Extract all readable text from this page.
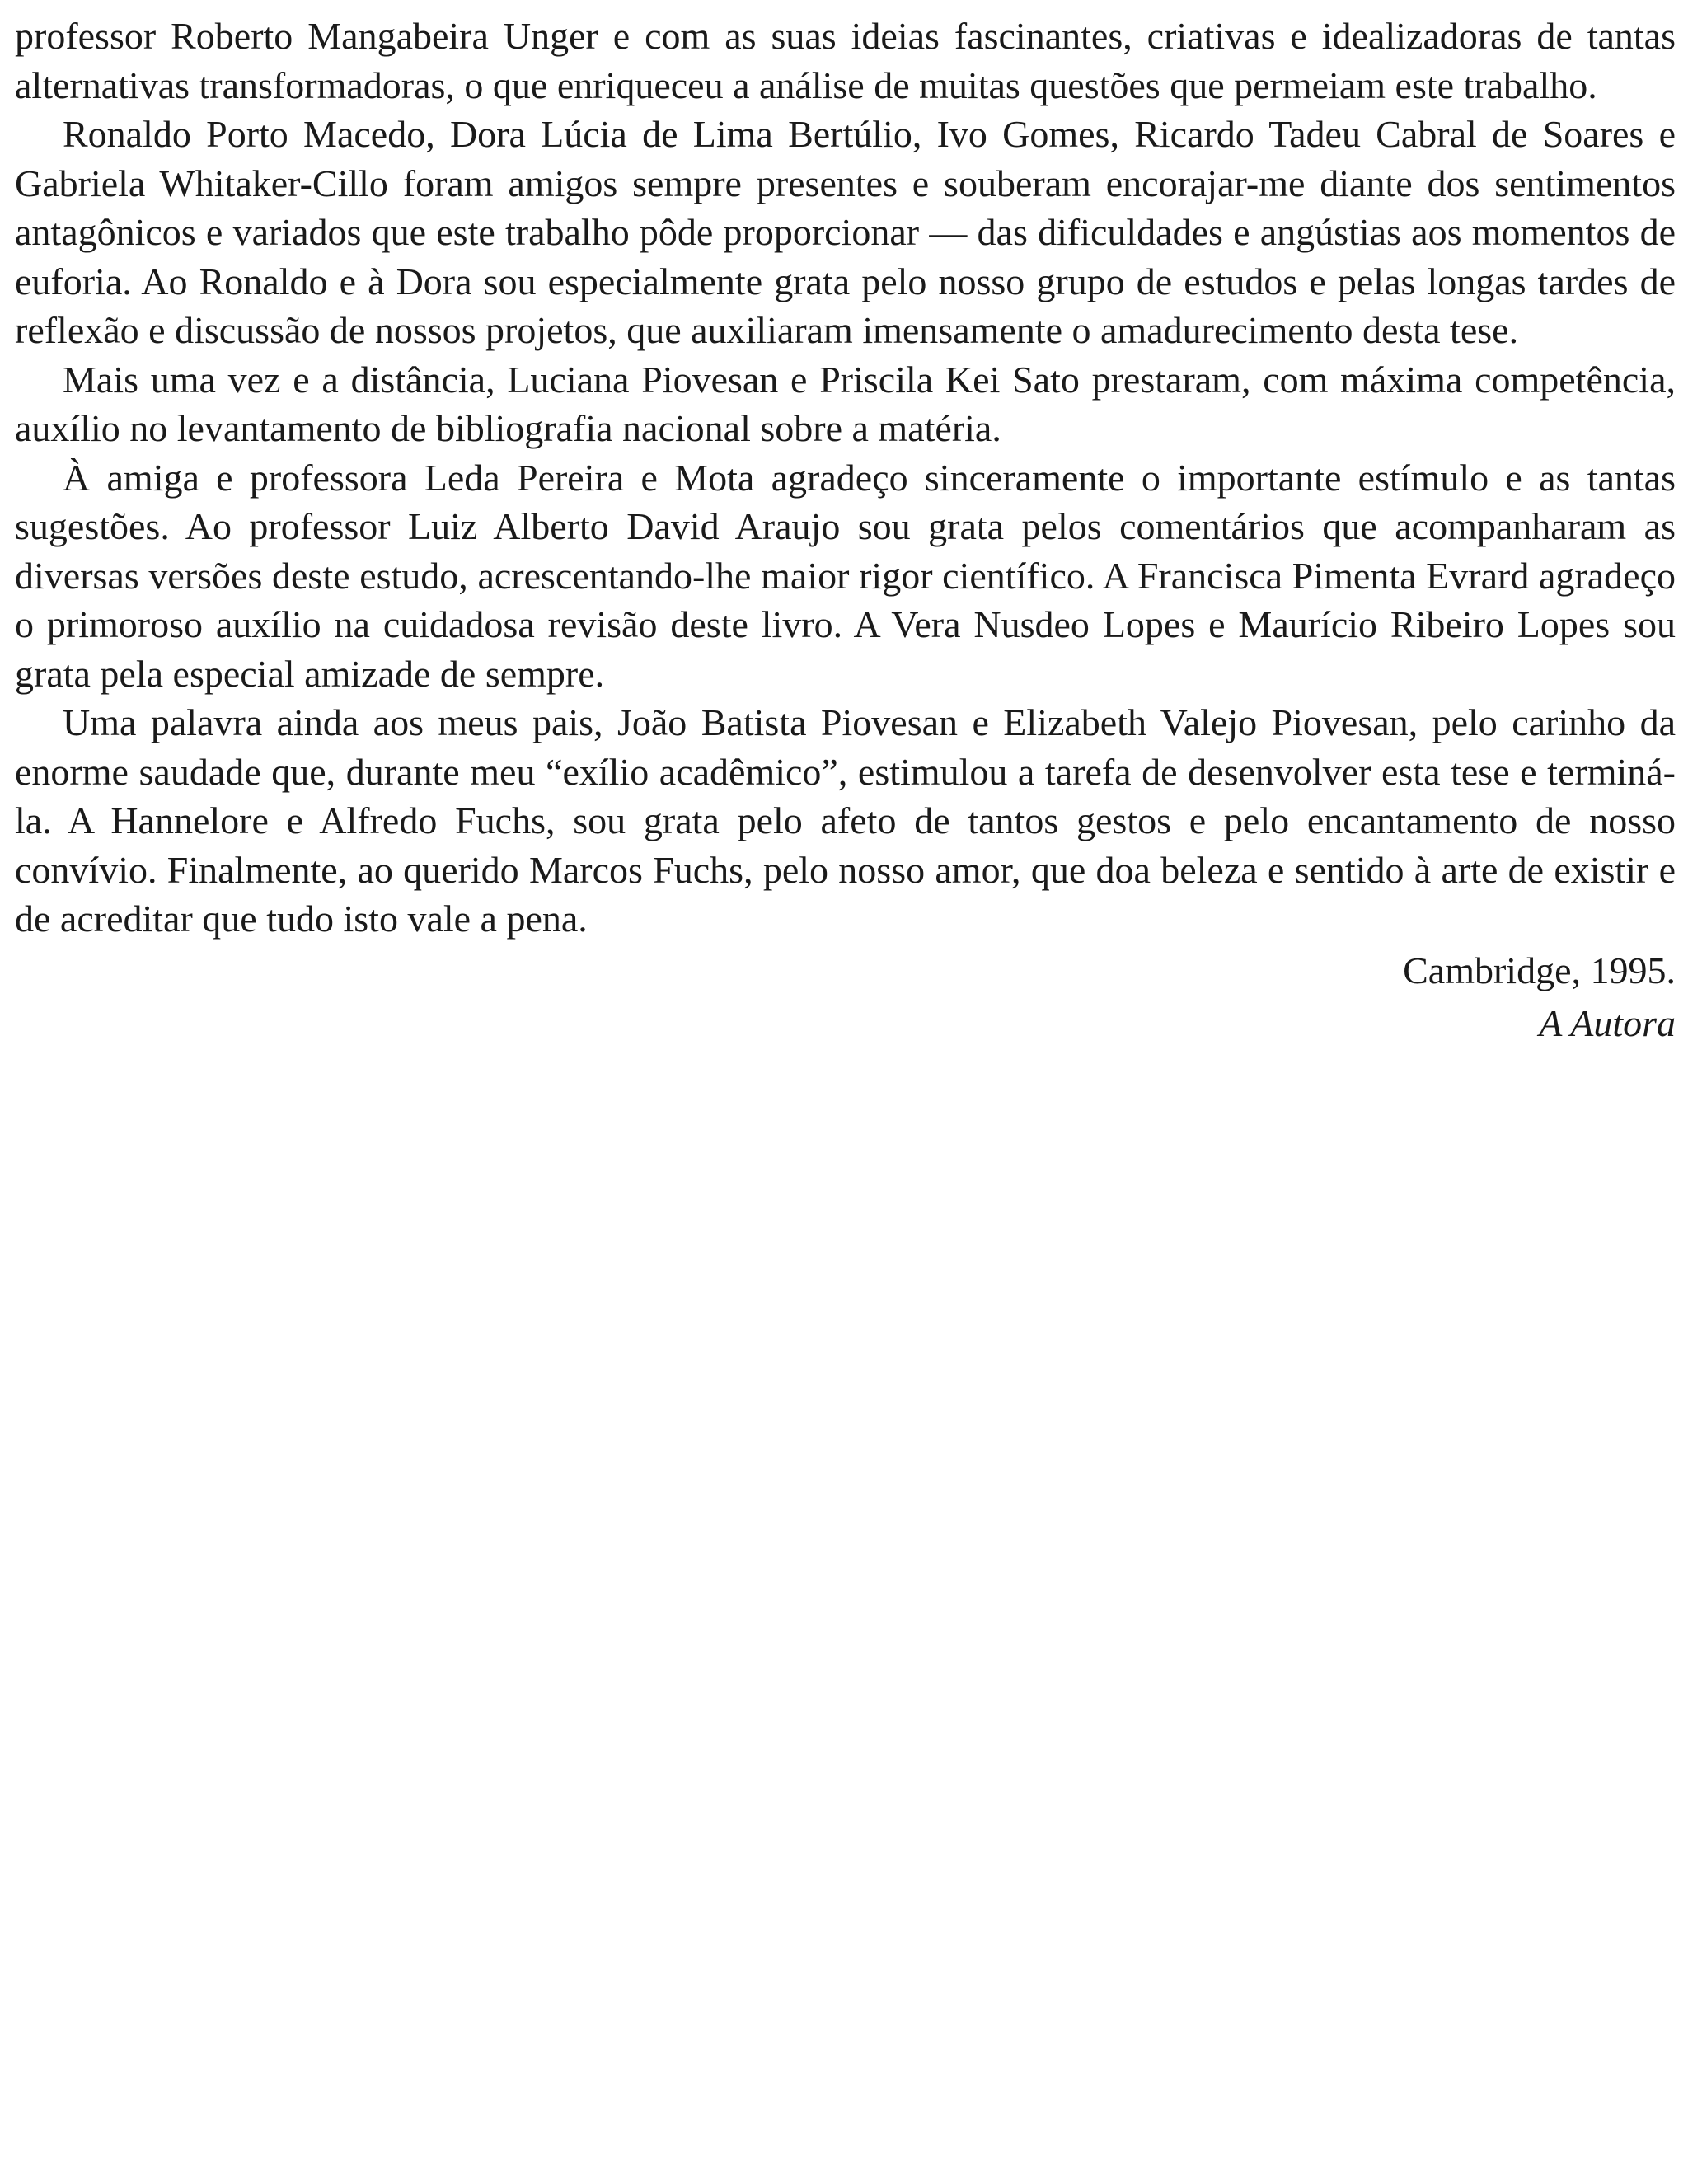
professor Roberto Mangabeira Unger e com as suas ideias fascinantes, criativas e idealizadoras de tantas alternativas transformadoras, o que enriqueceu a análise de muitas questões que permeiam este trabalho.

Ronaldo Porto Macedo, Dora Lúcia de Lima Bertúlio, Ivo Gomes, Ricardo Tadeu Cabral de Soares e Gabriela Whitaker-Cillo foram amigos sempre presentes e souberam encorajar-me diante dos sentimentos antagônicos e variados que este trabalho pôde proporcionar — das dificuldades e angústias aos momentos de euforia. Ao Ronaldo e à Dora sou especialmente grata pelo nosso grupo de estudos e pelas longas tardes de reflexão e discussão de nossos projetos, que auxiliaram imensamente o amadurecimento desta tese.

Mais uma vez e a distância, Luciana Piovesan e Priscila Kei Sato prestaram, com máxima competência, auxílio no levantamento de bibliografia nacional sobre a matéria.

À amiga e professora Leda Pereira e Mota agradeço sinceramente o importante estímulo e as tantas sugestões. Ao professor Luiz Alberto David Araujo sou grata pelos comentários que acompanharam as diversas versões deste estudo, acrescentando-lhe maior rigor científico. A Francisca Pimenta Evrard agradeço o primoroso auxílio na cuidadosa revisão deste livro. A Vera Nusdeo Lopes e Maurício Ribeiro Lopes sou grata pela especial amizade de sempre.

Uma palavra ainda aos meus pais, João Batista Piovesan e Elizabeth Valejo Piovesan, pelo carinho da enorme saudade que, durante meu “exílio acadêmico”, estimulou a tarefa de desenvolver esta tese e terminá-la. A Hannelore e Alfredo Fuchs, sou grata pelo afeto de tantos gestos e pelo encantamento de nosso convívio. Finalmente, ao querido Marcos Fuchs, pelo nosso amor, que doa beleza e sentido à arte de existir e de acreditar que tudo isto vale a pena.

Cambridge, 1995.

A Autora
